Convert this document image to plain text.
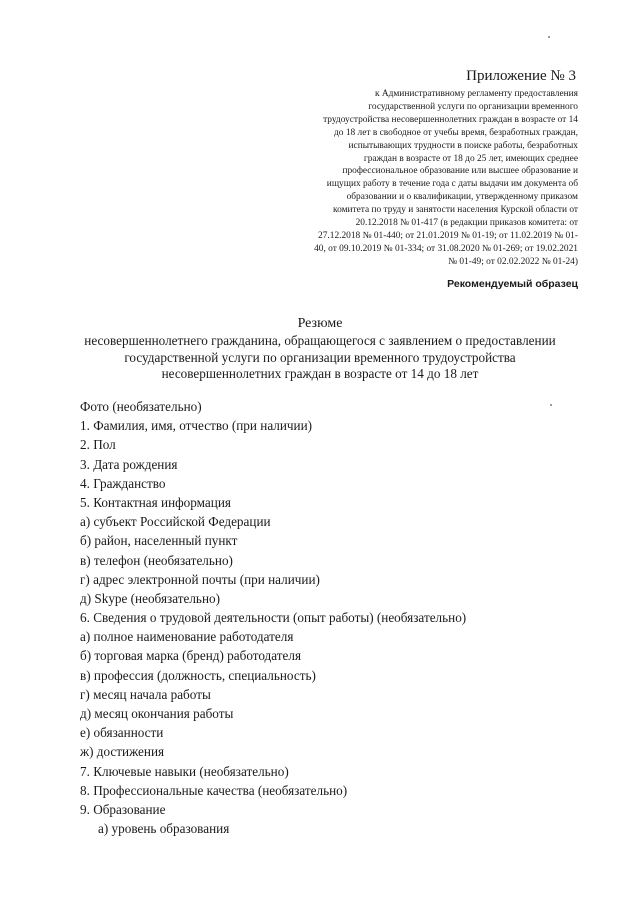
Приложение № 3
к Административному регламенту предоставления
государственной услуги по организации временного
трудоустройства несовершеннолетних граждан в возрасте от 14
до 18 лет в свободное от учебы время, безработных граждан,
испытывающих трудности в поиске работы, безработных
граждан в возрасте от 18 до 25 лет, имеющих среднее
профессиональное образование или высшее образование и
ищущих работу в течение года с даты выдачи им документа об
образовании и о квалификации, утвержденному приказом
комитета по труду и занятости населения Курской области от
20.12.2018 № 01-417 (в редакции приказов комитета: от
27.12.2018 № 01-440; от 21.01.2019 № 01-19; от 11.02.2019 № 01-
40, от 09.10.2019 № 01-334; от 31.08.2020 № 01-269; от 19.02.2021
№ 01-49; от 02.02.2022 № 01-24)
Рекомендуемый образец
Резюме
несовершеннолетнего гражданина, обращающегося с заявлением о предоставлении
государственной услуги по организации временного трудоустройства
несовершеннолетних граждан в возрасте от 14 до 18 лет
Фото (необязательно)
1. Фамилия, имя, отчество (при наличии)
2. Пол
3. Дата рождения
4. Гражданство
5. Контактная информация
а) субъект Российской Федерации
б) район, населенный пункт
в) телефон (необязательно)
г) адрес электронной почты (при наличии)
д) Skype (необязательно)
6. Сведения о трудовой деятельности (опыт работы) (необязательно)
а) полное наименование работодателя
б) торговая марка (бренд) работодателя
в) профессия (должность, специальность)
г) месяц начала работы
д) месяц окончания работы
е) обязанности
ж) достижения
7. Ключевые навыки (необязательно)
8. Профессиональные качества (необязательно)
9. Образование
а) уровень образования
